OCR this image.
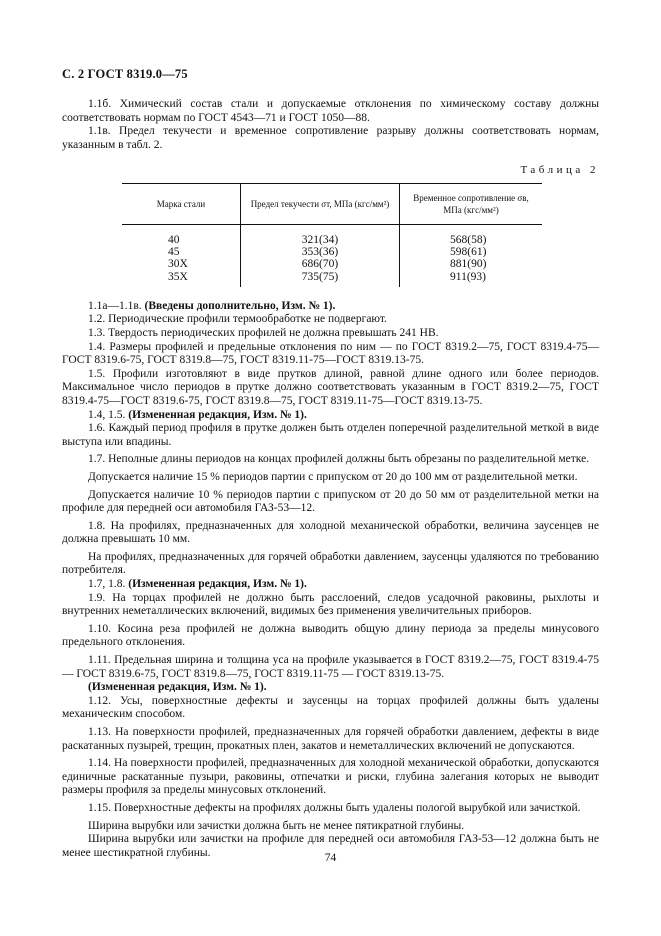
С. 2 ГОСТ 8319.0—75

1.1б. Химический состав стали и допускаемые отклонения по химическому составу должны соответствовать нормам по ГОСТ 4543—71 и ГОСТ 1050—88.

1.1в. Предел текучести и временное сопротивление разрыву должны соответствовать нормам, указанным в табл. 2.

Таблица 2
Марка стали	Предел текучести σт, МПа (кгс/мм²)	Временное сопротивление σв, МПа (кгс/мм²)
40	321(34)	568(58)
45	353(36)	598(61)
30Х	686(70)	881(90)
35Х	735(75)	911(93)

1.1а—1.1в. (Введены дополнительно, Изм. № 1).

1.2. Периодические профили термообработке не подвергают.

1.3. Твердость периодических профилей не должна превышать 241 НВ.

1.4. Размеры профилей и предельные отклонения по ним — по ГОСТ 8319.2—75, ГОСТ 8319.4-75—ГОСТ 8319.6-75, ГОСТ 8319.8—75, ГОСТ 8319.11-75—ГОСТ 8319.13-75.

1.5. Профили изготовляют в виде прутков длиной, равной длине одного или более периодов. Максимальное число периодов в прутке должно соответствовать указанным в ГОСТ 8319.2—75, ГОСТ 8319.4-75—ГОСТ 8319.6-75, ГОСТ 8319.8—75, ГОСТ 8319.11-75—ГОСТ 8319.13-75.

1.4, 1.5. (Измененная редакция, Изм. № 1).

1.6. Каждый период профиля в прутке должен быть отделен поперечной разделительной меткой в виде выступа или впадины.

1.7. Неполные длины периодов на концах профилей должны быть обрезаны по разделительной метке.

Допускается наличие 15 % периодов партии с припуском от 20 до 100 мм от разделительной метки.

Допускается наличие 10 % периодов партии с припуском от 20 до 50 мм от разделительной метки на профиле для передней оси автомобиля ГАЗ-53—12.

1.8. На профилях, предназначенных для холодной механической обработки, величина заусенцев не должна превышать 10 мм.

На профилях, предназначенных для горячей обработки давлением, заусенцы удаляются по требованию потребителя.

1.7, 1.8. (Измененная редакция, Изм. № 1).

1.9. На торцах профилей не должно быть расслоений, следов усадочной раковины, рыхлоты и внутренних неметаллических включений, видимых без применения увеличительных приборов.

1.10. Косина реза профилей не должна выводить общую длину периода за пределы минусового предельного отклонения.

1.11. Предельная ширина и толщина уса на профиле указывается в ГОСТ 8319.2—75, ГОСТ 8319.4-75 — ГОСТ 8319.6-75, ГОСТ 8319.8—75, ГОСТ 8319.11-75 — ГОСТ 8319.13-75.

(Измененная редакция, Изм. № 1).

1.12. Усы, поверхностные дефекты и заусенцы на торцах профилей должны быть удалены механическим способом.

1.13. На поверхности профилей, предназначенных для горячей обработки давлением, дефекты в виде раскатанных пузырей, трещин, прокатных плен, закатов и неметаллических включений не допускаются.

1.14. На поверхности профилей, предназначенных для холодной механической обработки, допускаются единичные раскатанные пузыри, раковины, отпечатки и риски, глубина залегания которых не выводит размеры профиля за пределы минусовых отклонений.

1.15. Поверхностные дефекты на профилях должны быть удалены пологой вырубкой или зачисткой.

Ширина вырубки или зачистки должна быть не менее пятикратной глубины.

Ширина вырубки или зачистки на профиле для передней оси автомобиля ГАЗ-53—12 должна быть не менее шестикратной глубины.	74
